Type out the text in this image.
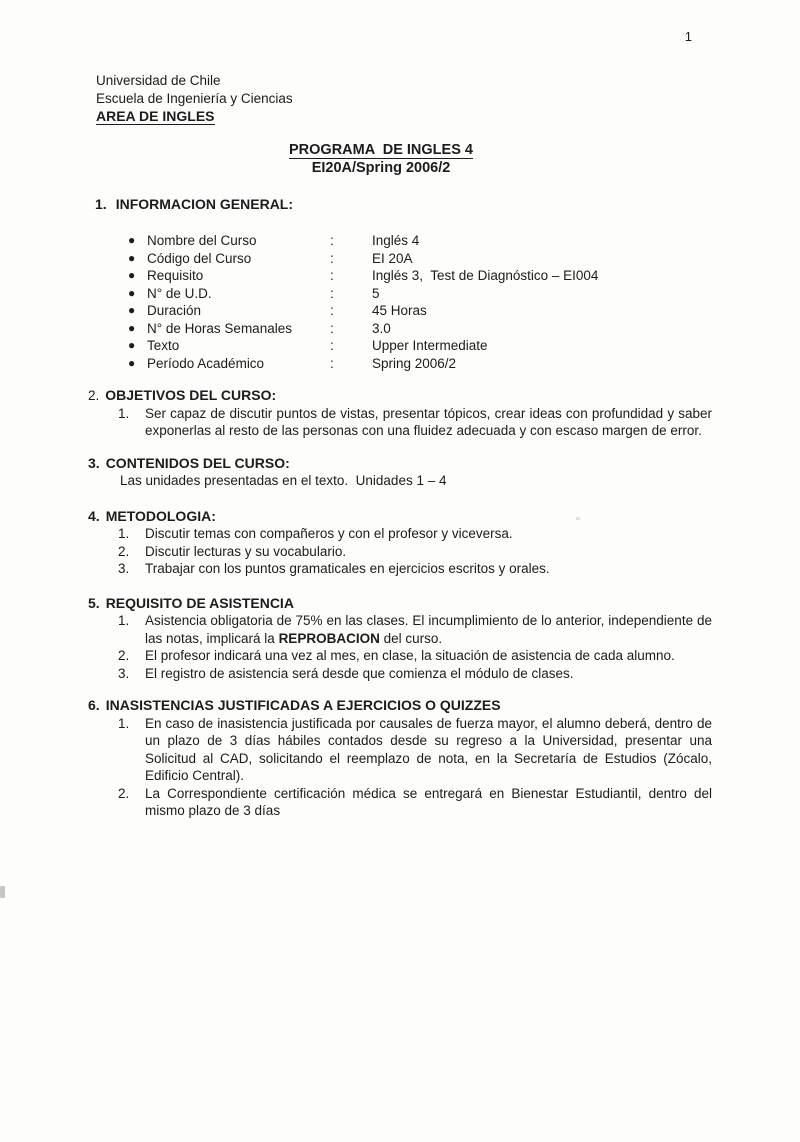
1
Universidad de Chile
Escuela de Ingeniería y Ciencias
AREA DE INGLES
PROGRAMA  DE INGLES 4
EI20A/Spring 2006/2
1. INFORMACION GENERAL:
● Nombre del Curso	:	Inglés 4
● Código del Curso	:	EI 20A
● Requisito	:	Inglés 3,  Test de Diagnóstico – EI004
● N° de U.D.	:	5
● Duración	:	45 Horas
● N° de Horas Semanales	:	3.0
● Texto	:	Upper Intermediate
● Período Académico	:	Spring 2006/2
2. OBJETIVOS DEL CURSO:
1.	Ser capaz de discutir puntos de vistas, presentar tópicos, crear ideas con profundidad y saber exponerlas al resto de las personas con una fluidez adecuada y con escaso margen de error.
3. CONTENIDOS DEL CURSO:
Las unidades presentadas en el texto.  Unidades 1 – 4
4. METODOLOGIA:
1.	Discutir temas con compañeros y con el profesor y viceversa.
2.	Discutir lecturas y su vocabulario.
3.	Trabajar con los puntos gramaticales en ejercicios escritos y orales.
5. REQUISITO DE ASISTENCIA
1.	Asistencia obligatoria de 75% en las clases. El incumplimiento de lo anterior, independiente de las notas, implicará la REPROBACION del curso.
2.	El profesor indicará una vez al mes, en clase, la situación de asistencia de cada alumno.
3.	El registro de asistencia será desde que comienza el módulo de clases.
6. INASISTENCIAS JUSTIFICADAS A EJERCICIOS O QUIZZES
1.	En caso de inasistencia justificada por causales de fuerza mayor, el alumno deberá, dentro de un plazo de 3 días hábiles contados desde su regreso a la Universidad, presentar una Solicitud al CAD, solicitando el reemplazo de nota, en la Secretaría de Estudios (Zócalo, Edificio Central).
2.	La Correspondiente certificación médica se entregará en Bienestar Estudiantil, dentro del mismo plazo de 3 días
